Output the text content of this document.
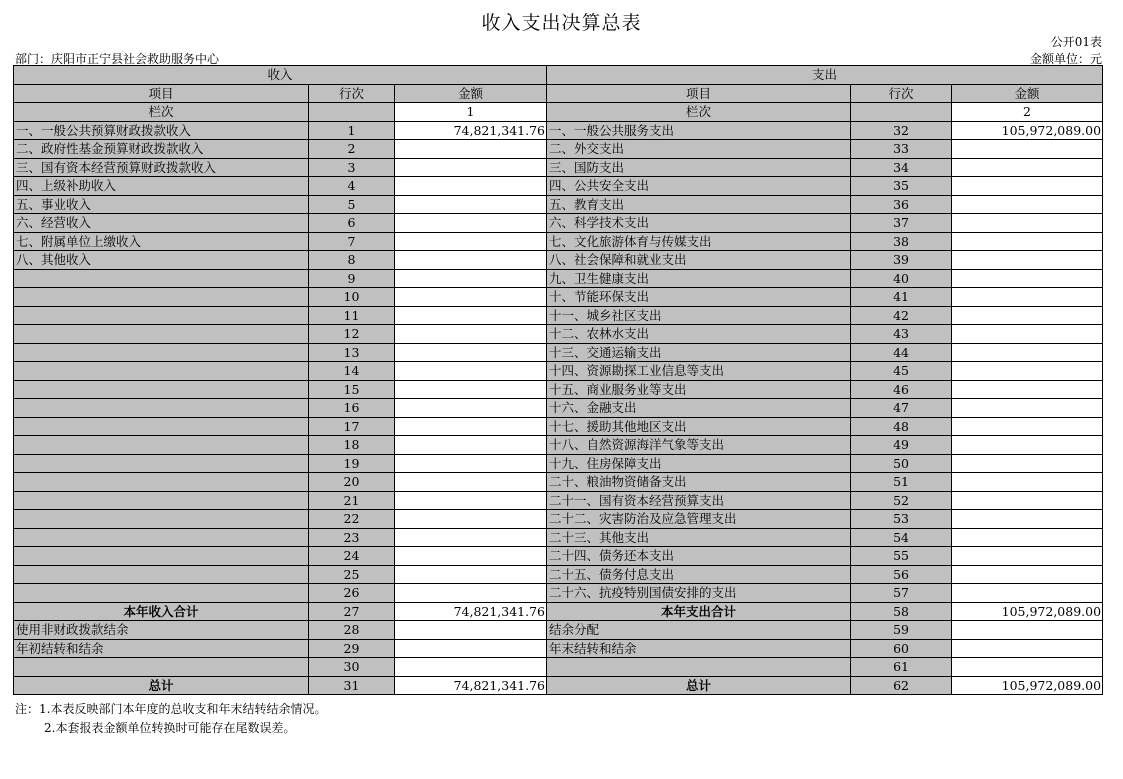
收入支出决算总表
公开01表
部门：庆阳市正宁县社会救助服务中心	金额单位：元
收入			支出		
项目	行次	金额	项目	行次	金额
栏次		1	栏次		2
一、一般公共预算财政拨款收入	1	74,821,341.76	一、一般公共服务支出	32	105,972,089.00
二、政府性基金预算财政拨款收入	2		二、外交支出	33	
三、国有资本经营预算财政拨款收入	3		三、国防支出	34	
四、上级补助收入	4		四、公共安全支出	35	
五、事业收入	5		五、教育支出	36	
六、经营收入	6		六、科学技术支出	37	
七、附属单位上缴收入	7		七、文化旅游体育与传媒支出	38	
八、其他收入	8		八、社会保障和就业支出	39	
	9		九、卫生健康支出	40	
	10		十、节能环保支出	41	
	11		十一、城乡社区支出	42	
	12		十二、农林水支出	43	
	13		十三、交通运输支出	44	
	14		十四、资源勘探工业信息等支出	45	
	15		十五、商业服务业等支出	46	
	16		十六、金融支出	47	
	17		十七、援助其他地区支出	48	
	18		十八、自然资源海洋气象等支出	49	
	19		十九、住房保障支出	50	
	20		二十、粮油物资储备支出	51	
	21		二十一、国有资本经营预算支出	52	
	22		二十二、灾害防治及应急管理支出	53	
	23		二十三、其他支出	54	
	24		二十四、债务还本支出	55	
	25		二十五、债务付息支出	56	
	26		二十六、抗疫特别国债安排的支出	57	
本年收入合计	27	74,821,341.76	本年支出合计	58	105,972,089.00
使用非财政拨款结余	28		结余分配	59	
年初结转和结余	29		年末结转和结余	60	
	30			61	
总计	31	74,821,341.76	总计	62	105,972,089.00
注：1.本表反映部门本年度的总收支和年末结转结余情况。
2.本套报表金额单位转换时可能存在尾数误差。
